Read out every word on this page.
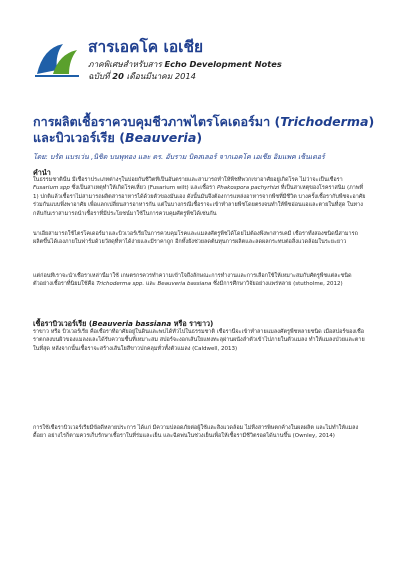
สารเอคโค เอเชีย
ภาคพิเศษสำหรับสาร Echo Development Notes
ฉบับที่ 20 เดือนมีนาคม 2014
การผลิตเชื้อราควบคุมชีวภาพไตรโคเดอร์มา (Trichoderma) และบิวเวอร์เรีย (Beauveria)
โดย: บรัด แบรเว่น ,นิชิต บนพุทอง และ ดร. อับราม บิคสเลอร์ จากเอคโค เอเชีย อิมแพค เซ็นเตอร์
คำนำ

ในธรรมชาตินั้น มีเชื้อราประเภทต่างๆในบ่อยกันชีวิตที่เป็นอันตรายและสามารถทำให้พืชที่พวกเขาอาศัยอยู่เกิดโรค ไม่ว่าจะเป็นเชื้อรา Fusarium spp ซึ่งเป็นสาเหตุทำให้เกิดโรคเหี่ยว (Fusarium wilt) และเชื้อรา Phakospora pachyrhizi ที่เป็นสาเหตุของโรคราสนิม (ภาพที่ 1) ปกติแล้วเชื้อราไม่สามารถผลิตสารอาหารได้ด้วยตัวของมันเอง ดังนั้นมันจึงต้องการแหล่งอาหารจากพืชที่มีชีวิต บางครั้งเชื้อรากับพืชจะอาศัยร่วมกันแบบพึ่งพาอาศัย เพื่อแลกเปลี่ยนสารอาหารกัน แต่ในบางกรณีเชื้อราจะเข้าทำลายพืชโดยตรงจนทำให้พืชอ่อนแอและตายในที่สุด ในทางกลับกันเราสามารถนำเชื้อราที่มีประโยชน์มาใช้ในการควบคุมศัตรูพืชได้เช่นกัน

นาเอียสามารถใช้ไตรโคเดอร์มาและบิวเวอร์เรียในการควบคุมโรคและแมลงศัตรูพืชได้โดยไม่ต้องพึ่งพาสารเคมี เชื้อราทั้งสองชนิดนี้สามารถผลิตขึ้นได้เองภายในฟาร์มด้วยวัสดุที่หาได้ง่ายและมีราคาถูก อีกทั้งยังช่วยลดต้นทุนการผลิตและลดผลกระทบต่อสิ่งแวดล้อมในระยะยาว

แต่ก่อนที่เราจะนำเชื้อราเหล่านี้มาใช้ เกษตรกรควรทำความเข้าใจถึงลักษณะการทำงานและการเลือกใช้ให้เหมาะสมกับศัตรูพืชแต่ละชนิด ตัวอย่างเชื้อราที่นิยมใช้คือ Trichoderma spp. และ Beauveria bassiana ซึ่งมีการศึกษาวิจัยอย่างแพร่หลาย (stutholme, 2012)

เชื้อราบิวเวอร์เรีย (Beauveria bassiana หรือ ราขาว)

ราขาว หรือ บิวเวอร์เรีย คือเชื้อราที่อาศัยอยู่ในดินและพบได้ทั่วไปในธรรมชาติ เชื้อรานี้จะเข้าทำลายแมลงศัตรูพืชหลายชนิด เมื่อสปอร์ของเชื้อราตกลงบนผิวของแมลงและได้รับความชื้นที่เหมาะสม สปอร์จะงอกเส้นใยแทงทะลุผ่านผนังลำตัวเข้าไปภายในตัวแมลง ทำให้แมลงป่วยและตายในที่สุด หลังจากนั้นเชื้อราจะสร้างเส้นใยสีขาวปกคลุมทั่วทั้งตัวแมลง (Caldwell, 2013)

การใช้เชื้อราบิวเวอร์เรียมีข้อดีหลายประการ ได้แก่ มีความปลอดภัยต่อผู้ใช้และสิ่งแวดล้อม ไม่ทิ้งสารพิษตกค้างในผลผลิต และไม่ทำให้แมลงดื้อยา อย่างไรก็ตามควรเก็บรักษาเชื้อราในที่ร่มและเย็น และฉีดพ่นในช่วงเย็นเพื่อให้เชื้อรามีชีวิตรอดได้นานขึ้น (Ownley, 2014)
